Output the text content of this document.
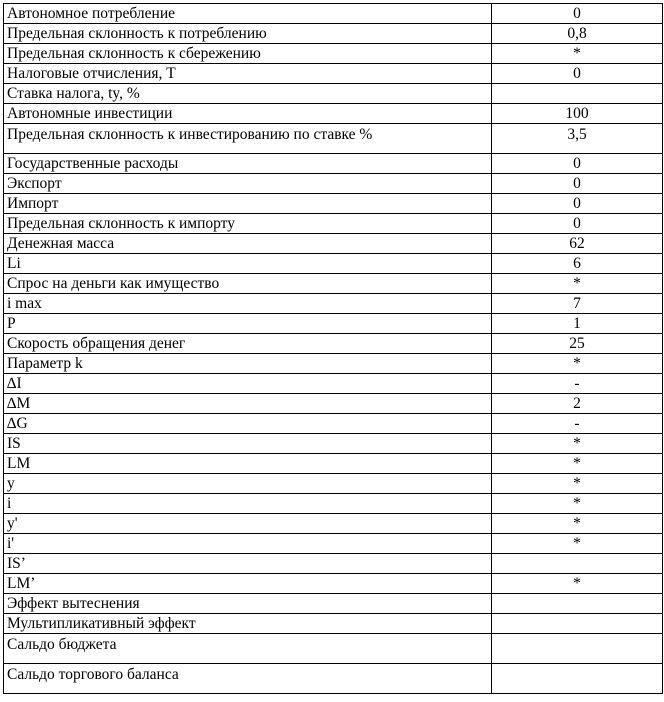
Автономное потребление	0
Предельная склонность к потреблению	0,8
Предельная склонность к сбережению	*
Налоговые отчисления, T	0
Ставка налога, ty, %	
Автономные инвестиции	100
Предельная склонность к инвестированию по ставке %	3,5
Государственные расходы	0
Экспорт	0
Импорт	0
Предельная склонность к импорту	0
Денежная масса	62
Li	6
Спрос на деньги как имущество	*
i max	7
P	1
Скорость обращения денег	25
Параметр k	*
∆I	-
∆M	2
∆G	-
IS	*
LM	*
y	*
i	*
y'	*
i'	*
IS’	
LM’	*
Эффект вытеснения	
Мультипликативный эффект	
Сальдо бюджета	
Сальдо торгового баланса	
